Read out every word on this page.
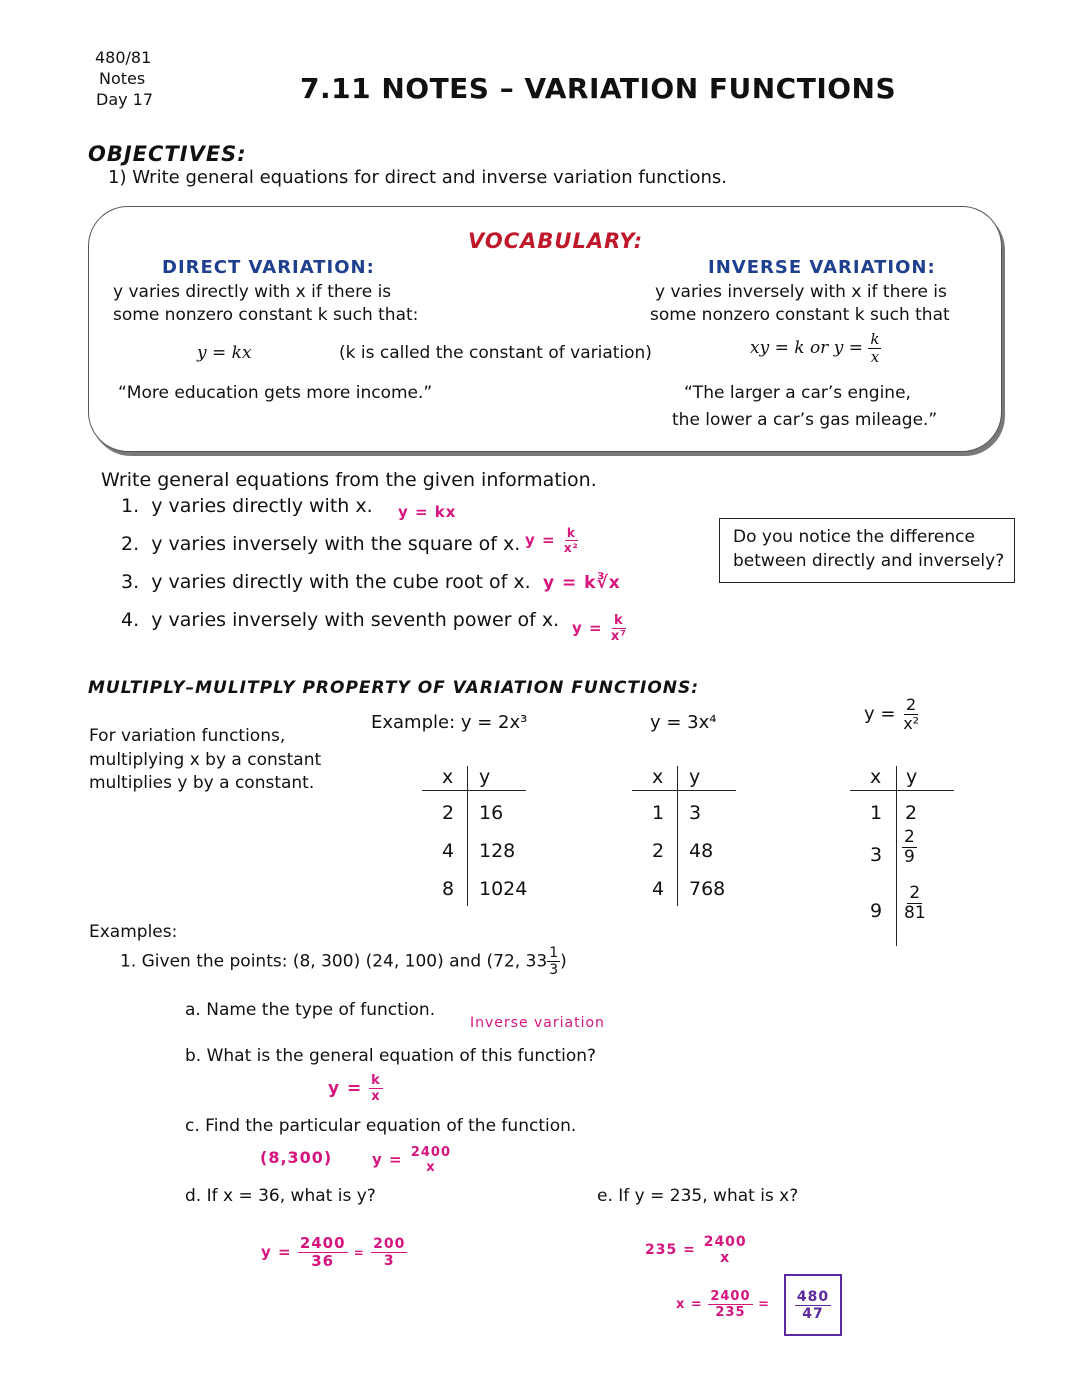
480/81
Notes
Day 17	7.11 NOTES – VARIATION FUNCTIONS
OBJECTIVES:
1) Write general equations for direct and inverse variation functions.
VOCABULARY:
DIRECT VARIATION:
y varies directly with x if there is
some nonzero constant k such that:
y = kx	(k is called the constant of variation)
“More education gets more income.”
INVERSE VARIATION:
y varies inversely with x if there is
some nonzero constant k such that
xy = k or $y = \frac{k}{x}$
“The larger a car’s engine,
the lower a car’s gas mileage.”
Write general equations from the given information.
1. y varies directly with x.
2. y varies inversely with the square of x.
3. y varies directly with the cube root of x.
4. y varies inversely with seventh power of x.
y = kx
$y = \frac{k}{\text{x²}}$
y = k∛x
$y = \frac{k}{\text{x⁷}}$
Do you notice the difference
between directly and inversely?
MULTIPLY–MULITPLY PROPERTY OF VARIATION FUNCTIONS:
For variation functions,
multiplying x by a constant
multiplies y by a constant.
Example: y = 2x³	y = 3x⁴	$y = \frac{2}{\text{x²}}$
x y
2 16
4 128
8 1024
x y
1 3
2 48
4 768
x y
1 2
$3 \frac{2}{9}$
$9 \frac{2}{81}$
Examples:
1. Given the points: (8, 300) (24, 100) and (72, $33 \frac{1}{3}$ )
a. Name the type of function.
Inverse variation
b. What is the general equation of this function?
$y = \frac{k}{x}$
c. Find the particular equation of the function.
(8,300)	y = 2400
x
d. If x = 36, what is y?
$y = \frac{2400}{36} = \frac{200}{3}$
e. If y = 235, what is x?
235 = 2400
x
$x = \frac{2400}{235} = \frac{480}{47}$
